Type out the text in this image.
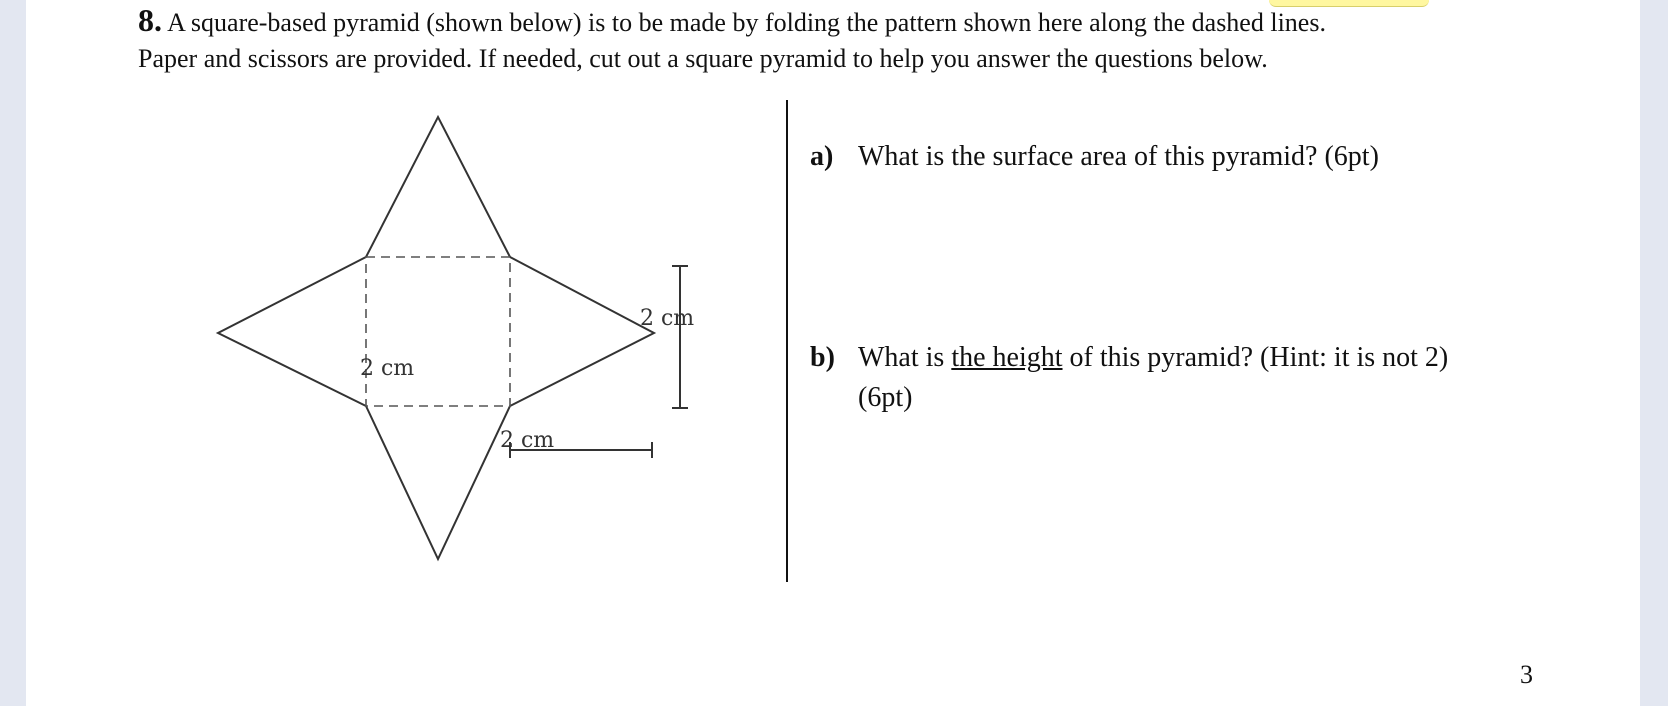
8. A square-based pyramid (shown below) is to be made by folding the pattern shown here along the dashed lines.
Paper and scissors are provided. If needed, cut out a square pyramid to help you answer the questions below.
2 cm
2 cm
2 cm
a) What is the surface area of this pyramid? (6pt)
b) What is the height of this pyramid? (Hint: it is not 2)
(6pt)
3
